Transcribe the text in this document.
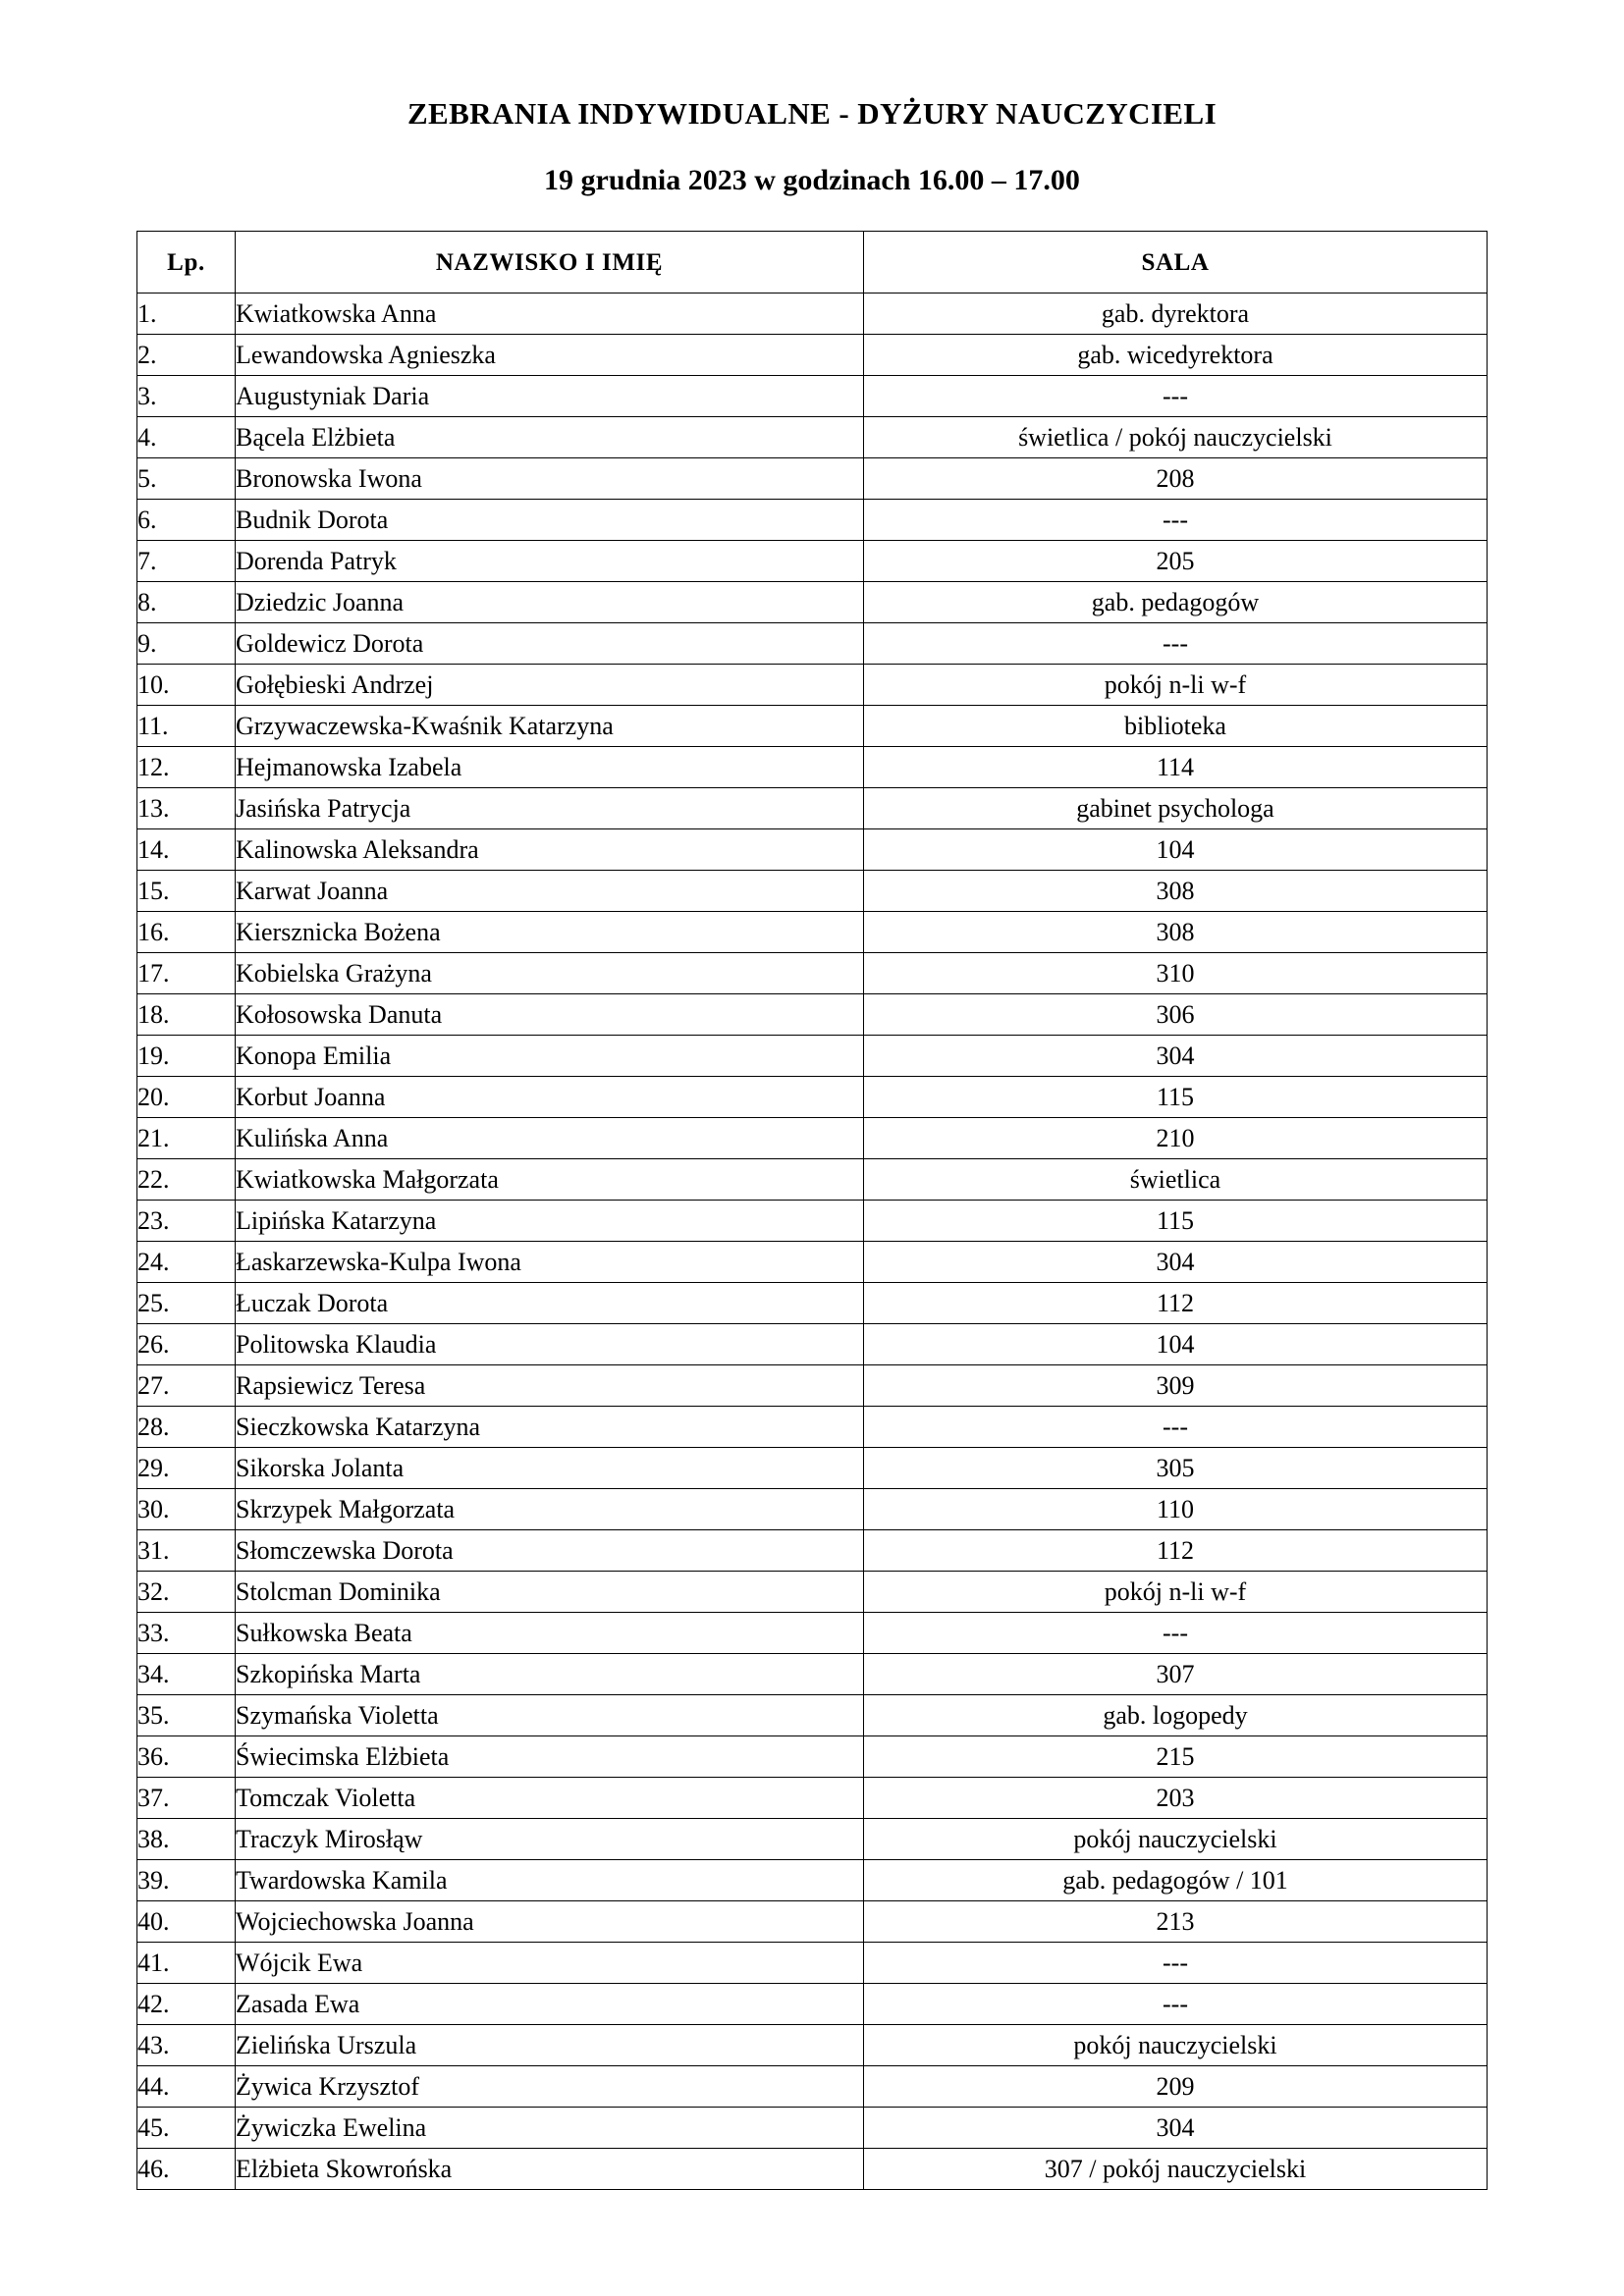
ZEBRANIA INDYWIDUALNE - DYŻURY NAUCZYCIELI
19 grudnia 2023 w godzinach 16.00 – 17.00
Lp.	NAZWISKO I IMIĘ	SALA
1.	Kwiatkowska Anna	gab. dyrektora
2.	Lewandowska Agnieszka	gab. wicedyrektora
3.	Augustyniak Daria	---
4.	Bącela Elżbieta	świetlica / pokój nauczycielski
5.	Bronowska Iwona	208
6.	Budnik Dorota	---
7.	Dorenda Patryk	205
8.	Dziedzic Joanna	gab. pedagogów
9.	Goldewicz Dorota	---
10.	Gołębieski Andrzej	pokój n-li w-f
11.	Grzywaczewska-Kwaśnik Katarzyna	biblioteka
12.	Hejmanowska Izabela	114
13.	Jasińska Patrycja	gabinet psychologa
14.	Kalinowska Aleksandra	104
15.	Karwat Joanna	308
16.	Kiersznicka Bożena	308
17.	Kobielska Grażyna	310
18.	Kołosowska Danuta	306
19.	Konopa Emilia	304
20.	Korbut Joanna	115
21.	Kulińska Anna	210
22.	Kwiatkowska Małgorzata	świetlica
23.	Lipińska Katarzyna	115
24.	Łaskarzewska-Kulpa Iwona	304
25.	Łuczak Dorota	112
26.	Politowska Klaudia	104
27.	Rapsiewicz Teresa	309
28.	Sieczkowska Katarzyna	---
29.	Sikorska Jolanta	305
30.	Skrzypek Małgorzata	110
31.	Słomczewska Dorota	112
32.	Stolcman Dominika	pokój n-li w-f
33.	Sułkowska Beata	---
34.	Szkopińska Marta	307
35.	Szymańska Violetta	gab. logopedy
36.	Świecimska Elżbieta	215
37.	Tomczak Violetta	203
38.	Traczyk Mirosłąw	pokój nauczycielski
39.	Twardowska Kamila	gab. pedagogów / 101
40.	Wojciechowska Joanna	213
41.	Wójcik Ewa	---
42.	Zasada Ewa	---
43.	Zielińska Urszula	pokój nauczycielski
44.	Żywica Krzysztof	209
45.	Żywiczka Ewelina	304
46.	Elżbieta Skowrońska	307 / pokój nauczycielski
